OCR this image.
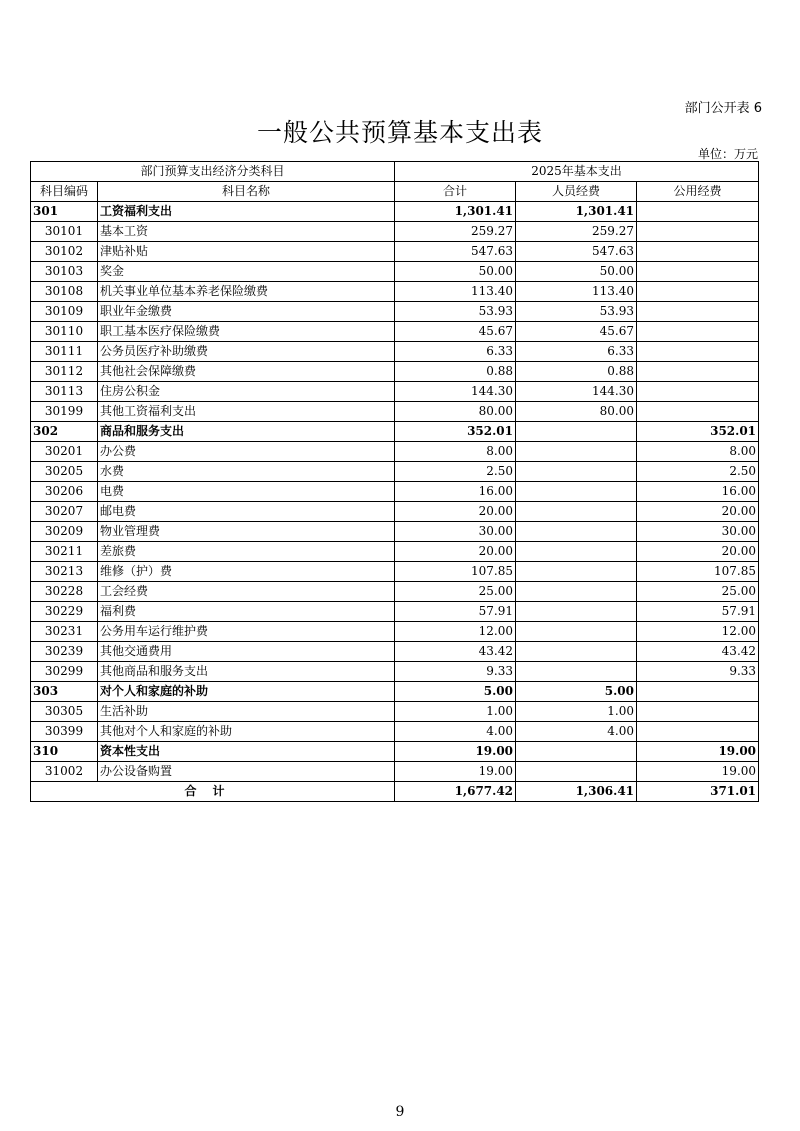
部门公开表 6
一般公共预算基本支出表
单位：万元
部门预算支出经济分类科目		2025年基本支出		
科目编码	科目名称	合计	人员经费	公用经费
301	工资福利支出	1,301.41	1,301.41	
30101	基本工资	259.27	259.27	
30102	津贴补贴	547.63	547.63	
30103	奖金	50.00	50.00	
30108	机关事业单位基本养老保险缴费	113.40	113.40	
30109	职业年金缴费	53.93	53.93	
30110	职工基本医疗保险缴费	45.67	45.67	
30111	公务员医疗补助缴费	6.33	6.33	
30112	其他社会保障缴费	0.88	0.88	
30113	住房公积金	144.30	144.30	
30199	其他工资福利支出	80.00	80.00	
302	商品和服务支出	352.01		352.01
30201	办公费	8.00		8.00
30205	水费	2.50		2.50
30206	电费	16.00		16.00
30207	邮电费	20.00		20.00
30209	物业管理费	30.00		30.00
30211	差旅费	20.00		20.00
30213	维修（护）费	107.85		107.85
30228	工会经费	25.00		25.00
30229	福利费	57.91		57.91
30231	公务用车运行维护费	12.00		12.00
30239	其他交通费用	43.42		43.42
30299	其他商品和服务支出	9.33		9.33
303	对个人和家庭的补助	5.00	5.00	
30305	生活补助	1.00	1.00	
30399	其他对个人和家庭的补助	4.00	4.00	
310	资本性支出	19.00		19.00
31002	办公设备购置	19.00		19.00
合计		1,677.42	1,306.41	371.01
9
